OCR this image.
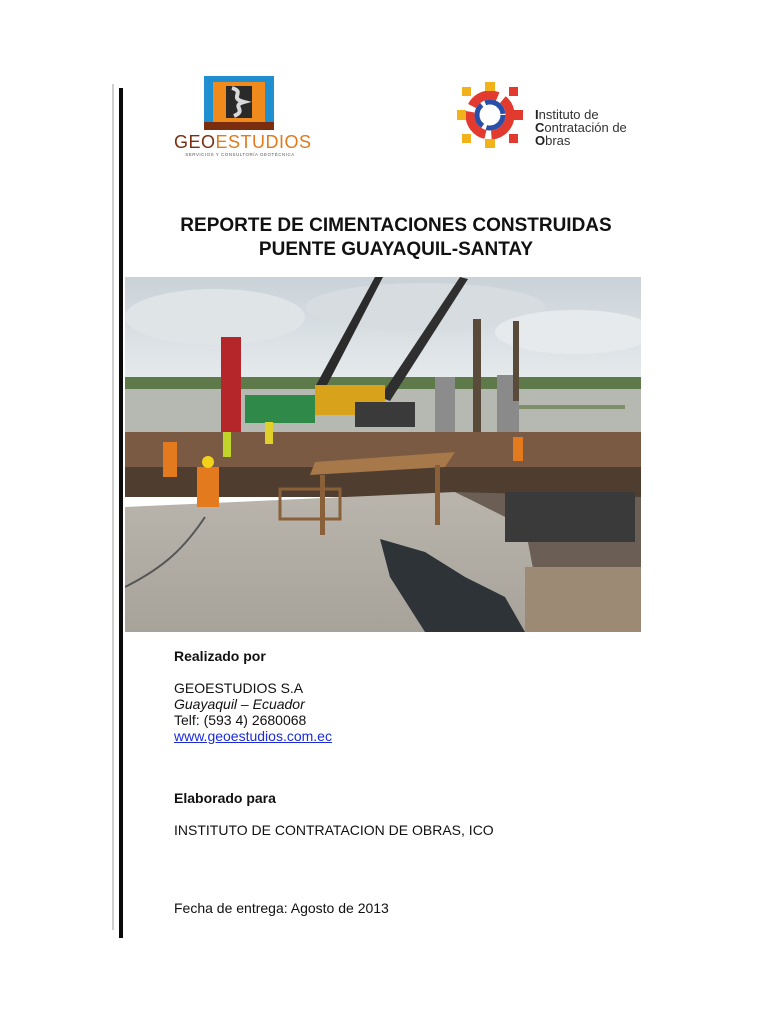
GEOESTUDIOS
SERVICIOS Y CONSULTORÍA GEOTÉCNICA
Instituto de
Contratación de
Obras
REPORTE DE CIMENTACIONES CONSTRUIDAS
PUENTE GUAYAQUIL-SANTAY
Realizado por
GEOESTUDIOS S.A
Guayaquil – Ecuador
Telf: (593 4) 2680068
www.geoestudios.com.ec
Elaborado para
INSTITUTO DE CONTRATACION DE OBRAS, ICO
Fecha de entrega: Agosto de 2013
